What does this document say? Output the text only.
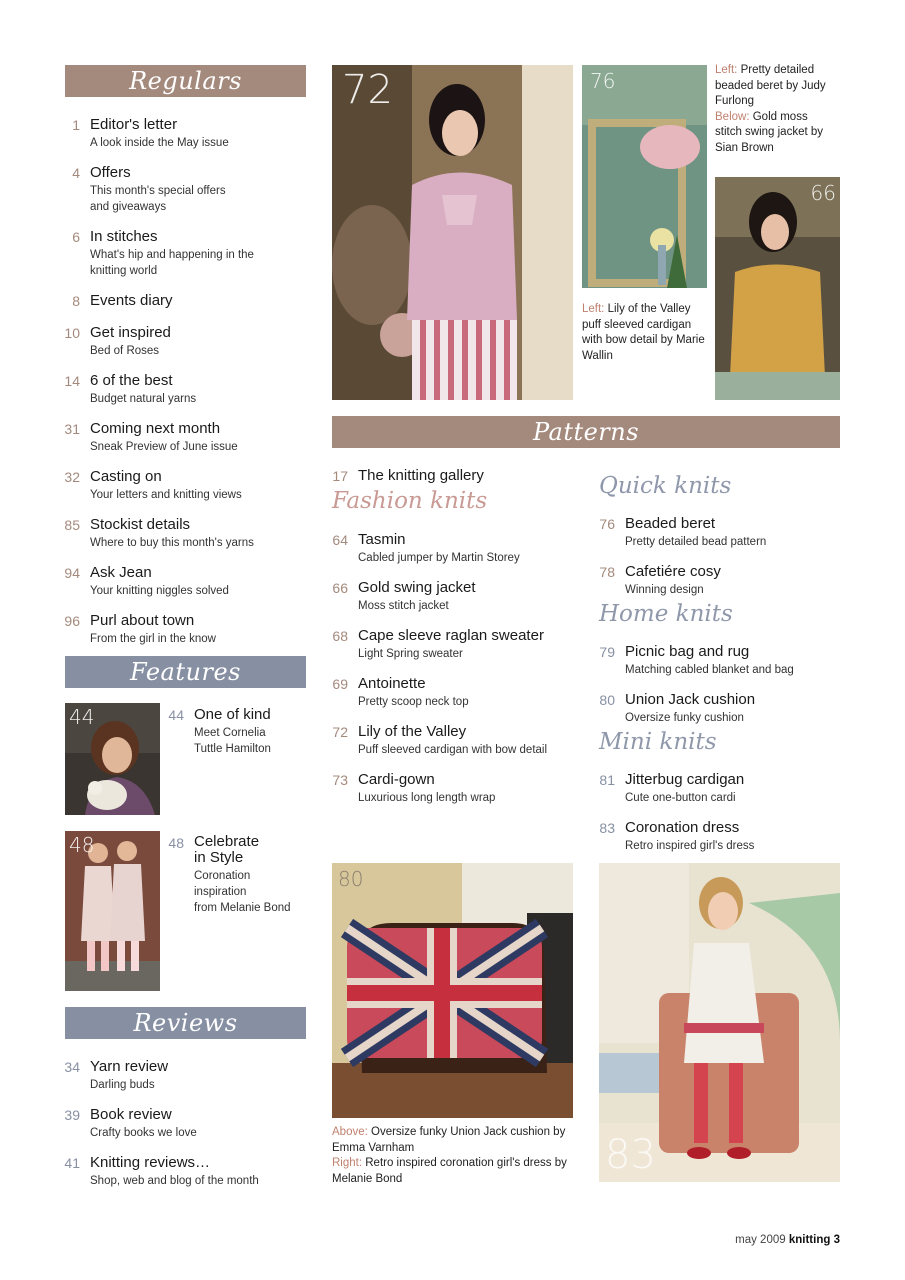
Regulars
1 Editor's letter
A look inside the May issue
4 Offers
This month's special offers
and giveaways
6 In stitches
What's hip and happening in the
knitting world
8 Events diary
10 Get inspired
Bed of Roses
14 6 of the best
Budget natural yarns
31 Coming next month
Sneak Preview of June issue
32 Casting on
Your letters and knitting views
85 Stockist details
Where to buy this month's yarns
94 Ask Jean
Your knitting niggles solved
96 Purl about town
From the girl in the know
Features
44	44 One of kind
Meet Cornelia
Tuttle Hamilton
48	48 Celebrate
in Style
Coronation
inspiration
from Melanie Bond
Reviews
34 Yarn review
Darling buds
39 Book review
Crafty books we love
41 Knitting reviews…
Shop, web and blog of the month
72	76	Left: Pretty detailed beaded beret by Judy Furlong
Below: Gold moss stitch swing jacket by Sian Brown
66
Left: Lily of the Valley puff sleeved cardigan with bow detail by Marie Wallin
Patterns
17 The knitting gallery
Fashion knits
64 Tasmin
Cabled jumper by Martin Storey
66 Gold swing jacket
Moss stitch jacket
68 Cape sleeve raglan sweater
Light Spring sweater
69 Antoinette
Pretty scoop neck top
72 Lily of the Valley
Puff sleeved cardigan with bow detail
73 Cardi-gown
Luxurious long length wrap
Quick knits
76 Beaded beret
Pretty detailed bead pattern
78 Cafetiére cosy
Winning design
Home knits
79 Picnic bag and rug
Matching cabled blanket and bag
80 Union Jack cushion
Oversize funky cushion
Mini knits
81 Jitterbug cardigan
Cute one-button cardi
83 Coronation dress
Retro inspired girl's dress
80
83
Above: Oversize funky Union Jack cushion by Emma Varnham
Right: Retro inspired coronation girl's dress by Melanie Bond
may 2009 knitting 3
